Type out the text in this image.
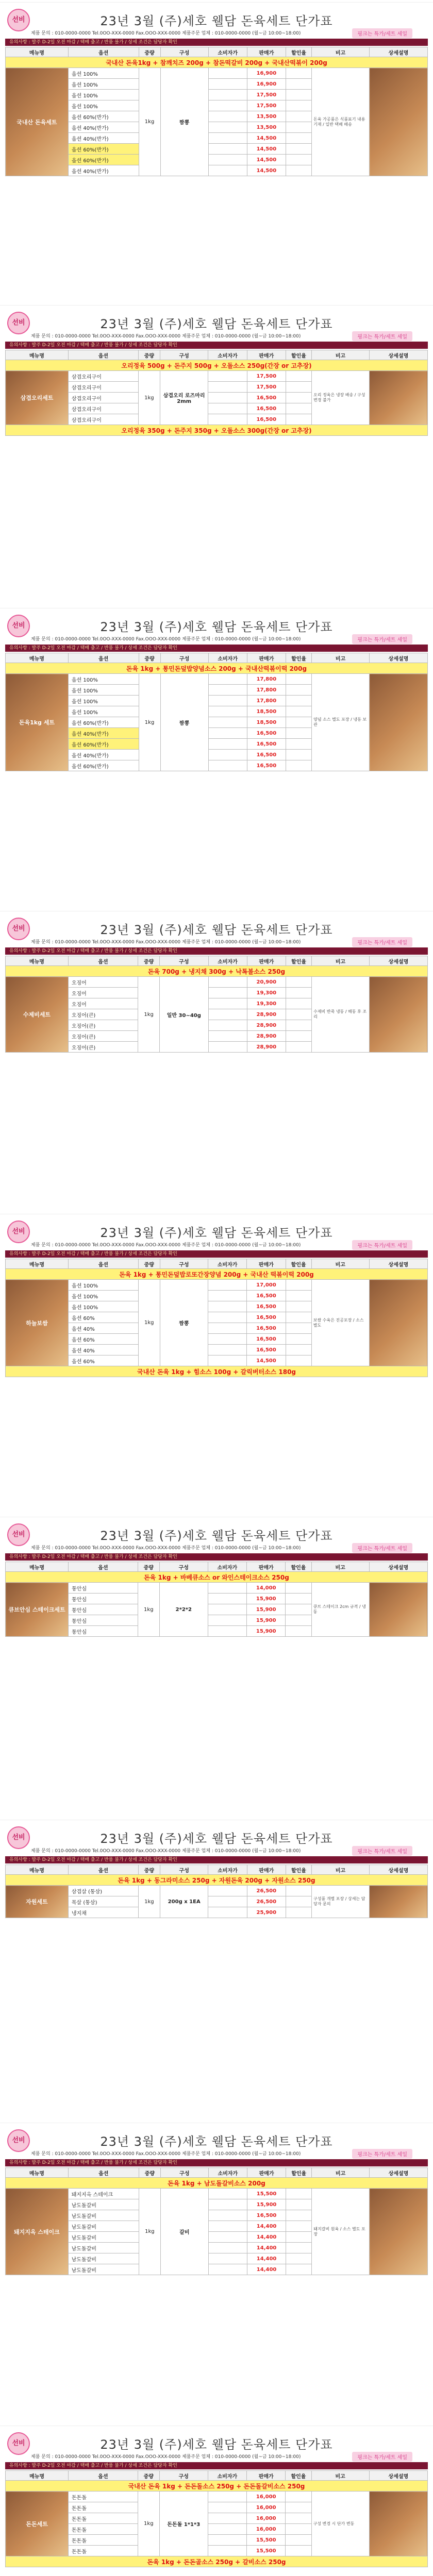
선비	23년 3월 (주)세호 웰담 돈육세트 단가표
제품 문의 : 010-0000-0000 Tel.0OO-XXX-0000 Fax.OOO-XXX-0000 제품주문 업체 : 010-0000-0000 (월~금 10:00~18:00)	핑크는 특가/세트 세일
유의사항 : 발주 D-2일 오전 마감 / 택배 출고 / 반품 불가 / 상세 조건은 담당자 확인
메뉴명	옵션	중량	구성	소비자가	판매가	할인율	비고	상세설명
국내산 돈육1kg + 참깨치즈 200g + 참돈떡갈비 200g + 국내산떡볶이 200g								

국내산 돈육세트	옵션 100%	1kg	짬뽕		16,900		돈육 가공품은 식품표기 내용 기재 / 일반 택배 배송	
	옵션 100%				16,900			
	옵션 100%				17,500			
	옵션 100%				17,500			
	옵션 60%(반가)				13,500			
	옵션 40%(반가)				13,500			
	옵션 40%(반가)				14,500			
	옵션 60%(반가)				14,500			
	옵션 60%(반가)				14,500			
	옵션 40%(반가)				14,500			
선비	23년 3월 (주)세호 웰담 돈육세트 단가표
제품 문의 : 010-0000-0000 Tel.0OO-XXX-0000 Fax.OOO-XXX-0000 제품주문 업체 : 010-0000-0000 (월~금 10:00~18:00)	핑크는 특가/세트 세일
유의사항 : 발주 D-2일 오전 마감 / 택배 출고 / 반품 불가 / 상세 조건은 담당자 확인
메뉴명	옵션	중량	구성	소비자가	판매가	할인율	비고	상세설명
오리정육 500g + 돈주지 500g + 오돌소스 250g(간장 or 고추장)								

삼겹오리세트	삼겹오리구이	1kg	삼겹오리 로즈마리 2mm		17,500		오리 정육은 냉장 배송 / 구성 변경 불가	
	삼겹오리구이				17,500			
	삼겹오리구이				16,500			
	삼겹오리구이				16,500			
	삼겹오리구이				16,500			
오리정육 350g + 돈주지 350g + 오돌소스 300g(간장 or 고추장)								
선비	23년 3월 (주)세호 웰담 돈육세트 단가표
제품 문의 : 010-0000-0000 Tel.0OO-XXX-0000 Fax.OOO-XXX-0000 제품주문 업체 : 010-0000-0000 (월~금 10:00~18:00)	핑크는 특가/세트 세일
유의사항 : 발주 D-2일 오전 마감 / 택배 출고 / 반품 불가 / 상세 조건은 담당자 확인
메뉴명	옵션	중량	구성	소비자가	판매가	할인율	비고	상세설명
돈육 1kg + 통민돈덮밥양념소스 200g + 국내산떡볶이떡 200g								

돈육1kg 세트	옵션 100%	1kg	짬뽕		17,800		양념 소스 별도 포장 / 냉동 보관	
	옵션 100%				17,800			
	옵션 100%				17,800			
	옵션 100%				18,500			
	옵션 60%(반가)				18,500			
	옵션 40%(반가)				16,500			
	옵션 60%(반가)				16,500			
	옵션 40%(반가)				16,500			
	옵션 60%(반가)				16,500			
선비	23년 3월 (주)세호 웰담 돈육세트 단가표
제품 문의 : 010-0000-0000 Tel.0OO-XXX-0000 Fax.OOO-XXX-0000 제품주문 업체 : 010-0000-0000 (월~금 10:00~18:00)	핑크는 특가/세트 세일
유의사항 : 발주 D-2일 오전 마감 / 택배 출고 / 반품 불가 / 상세 조건은 담당자 확인
메뉴명	옵션	중량	구성	소비자가	판매가	할인율	비고	상세설명
돈육 700g + 냉지채 300g + 낙톡볼소스 250g								

수제비세트	오징어	1kg	일반 30~40g		20,900		수제비 반죽 냉동 / 해동 후 조리	
	오징어				19,300			
	오징어				19,300			
	오징어(큰)				28,900			
	오징어(큰)				28,900			
	오징어(큰)				28,900			
	오징어(큰)				28,900			
선비	23년 3월 (주)세호 웰담 돈육세트 단가표
제품 문의 : 010-0000-0000 Tel.0OO-XXX-0000 Fax.OOO-XXX-0000 제품주문 업체 : 010-0000-0000 (월~금 10:00~18:00)	핑크는 특가/세트 세일
유의사항 : 발주 D-2일 오전 마감 / 택배 출고 / 반품 불가 / 상세 조건은 담당자 확인
메뉴명	옵션	중량	구성	소비자가	판매가	할인율	비고	상세설명
돈육 1kg + 통민돈덮밥로또간장양념 200g + 국내산 떡볶이떡 200g								

하늘보쌈	옵션 100%	1kg	짬뽕		17,000		보쌈 수육은 진공포장 / 소스 별도	
	옵션 100%				16,500			
	옵션 100%				16,500			
	옵션 60%				16,500			
	옵션 40%				16,500			
	옵션 60%				16,500			
	옵션 40%				16,500			
	옵션 60%				14,500			
국내산 돈육 1kg + 힘소스 100g + 갈릭버터소스 180g								
선비	23년 3월 (주)세호 웰담 돈육세트 단가표
제품 문의 : 010-0000-0000 Tel.0OO-XXX-0000 Fax.OOO-XXX-0000 제품주문 업체 : 010-0000-0000 (월~금 10:00~18:00)	핑크는 특가/세트 세일
유의사항 : 발주 D-2일 오전 마감 / 택배 출고 / 반품 불가 / 상세 조건은 담당자 확인
메뉴명	옵션	중량	구성	소비자가	판매가	할인율	비고	상세설명
돈육 1kg + 바베큐소스 or 와인스테이크소스 250g								

큐브안심 스테이크세트	통안심	1kg	2*2*2		14,000		큐브 스테이크 2cm 규격 / 냉동	
	통안심				15,900			
	통안심				15,900			
	통안심				15,900			
	통안심				15,900			
선비	23년 3월 (주)세호 웰담 돈육세트 단가표
제품 문의 : 010-0000-0000 Tel.0OO-XXX-0000 Fax.OOO-XXX-0000 제품주문 업체 : 010-0000-0000 (월~금 10:00~18:00)	핑크는 특가/세트 세일
유의사항 : 발주 D-2일 오전 마감 / 택배 출고 / 반품 불가 / 상세 조건은 담당자 확인
메뉴명	옵션	중량	구성	소비자가	판매가	할인율	비고	상세설명
돈육 1kg + 동그라미소스 250g + 자원돈육 200g + 자원소스 250g								

자원세트	삼겹살 (통삼)	1kg	200g x 1EA		26,500		구성품 개별 포장 / 상세는 담당자 문의	
	목살 (통삼)				26,500			
	냉지채				25,900			
선비	23년 3월 (주)세호 웰담 돈육세트 단가표
제품 문의 : 010-0000-0000 Tel.0OO-XXX-0000 Fax.OOO-XXX-0000 제품주문 업체 : 010-0000-0000 (월~금 10:00~18:00)	핑크는 특가/세트 세일
유의사항 : 발주 D-2일 오전 마감 / 택배 출고 / 반품 불가 / 상세 조건은 담당자 확인
메뉴명	옵션	중량	구성	소비자가	판매가	할인율	비고	상세설명
돈육 1kg + 남도돌갈비소스 200g								

돼지지옥 스테이크	돼지지옥 스테이크	1kg	갈비		15,500		돼지갈비 원육 / 소스 별도 포장	
	남도돌갈비				15,900			
	남도돌갈비				16,500			
	남도돌갈비				14,400			
	남도돌갈비				14,400			
	남도돌갈비				14,400			
	남도돌갈비				14,400			
	남도돌갈비				14,400			
선비	23년 3월 (주)세호 웰담 돈육세트 단가표
제품 문의 : 010-0000-0000 Tel.0OO-XXX-0000 Fax.OOO-XXX-0000 제품주문 업체 : 010-0000-0000 (월~금 10:00~18:00)	핑크는 특가/세트 세일
유의사항 : 발주 D-2일 오전 마감 / 택배 출고 / 반품 불가 / 상세 조건은 담당자 확인
메뉴명	옵션	중량	구성	소비자가	판매가	할인율	비고	상세설명
국내산 돈육 1kg + 돈돈돌소스 250g + 돈돈돌갈비소스 250g								

돈돈세트	돈돈돌	1kg	돈돈돌 1*1*3		16,000		구성 변경 시 단가 변동	
	돈돈돌				16,000			
	돈돈돌				16,000			
	돈돈돌				16,000			
	돈돈돌				15,500			
	돈돈돌				15,500			
돈육 1kg + 돈돈골소스 250g + 갈비소스 250g								
